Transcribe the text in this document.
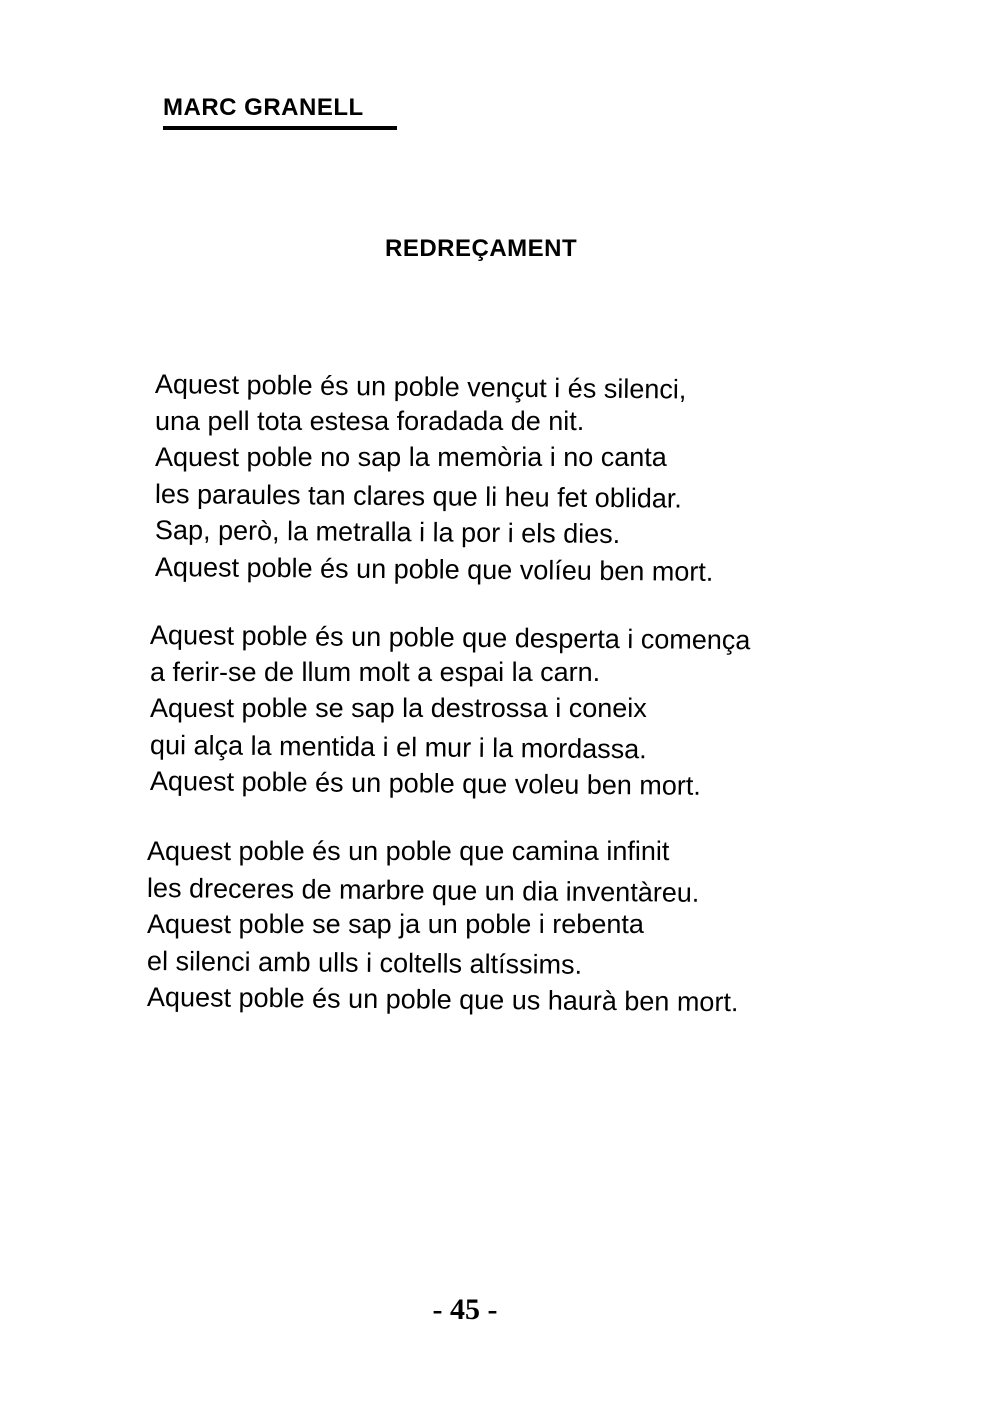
MARC GRANELL
REDREÇAMENT
Aquest poble és un poble vençut i és silenci,
una pell tota estesa foradada de nit.
Aquest poble no sap la memòria i no canta
les paraules tan clares que li heu fet oblidar.
Sap, però, la metralla i la por i els dies.
Aquest poble és un poble que volíeu ben mort.
Aquest poble és un poble que desperta i comença
a ferir-se de llum molt a espai la carn.
Aquest poble se sap la destrossa i coneix
qui alça la mentida i el mur i la mordassa.
Aquest poble és un poble que voleu ben mort.
Aquest poble és un poble que camina infinit
les dreceres de marbre que un dia inventàreu.
Aquest poble se sap ja un poble i rebenta
el silenci amb ulls i coltells altíssims.
Aquest poble és un poble que us haurà ben mort.
- 45 -
